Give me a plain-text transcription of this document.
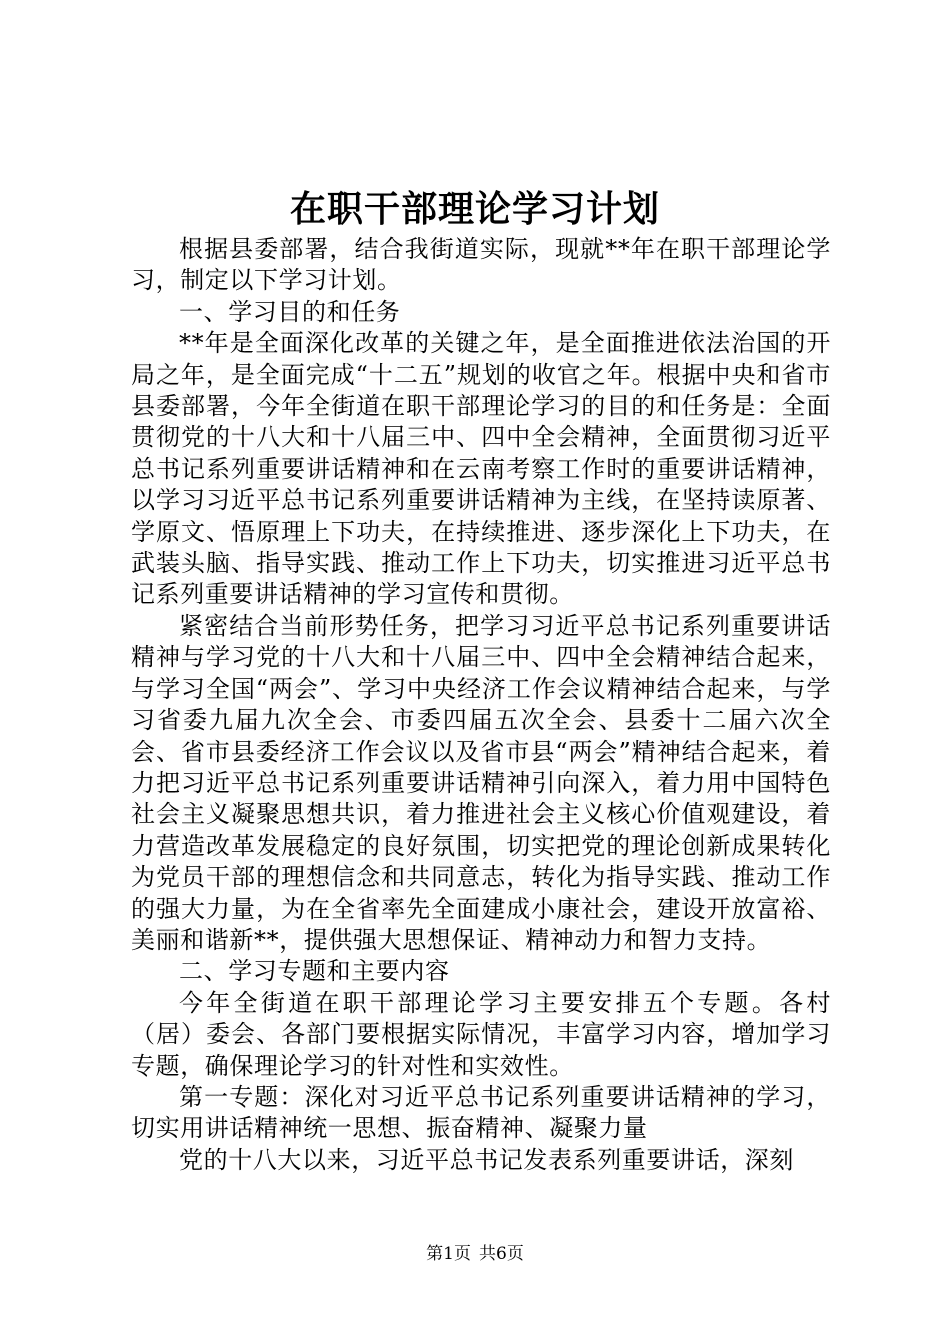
在职干部理论学习计划

根据县委部署，结合我街道实际，现就**年在职干部理论学习，制定以下学习计划。

一、学习目的和任务

**年是全面深化改革的关键之年，是全面推进依法治国的开局之年，是全面完成“十二五”规划的收官之年。根据中央和省市县委部署，今年全街道在职干部理论学习的目的和任务是：全面贯彻党的十八大和十八届三中、四中全会精神，全面贯彻习近平总书记系列重要讲话精神和在云南考察工作时的重要讲话精神，以学习习近平总书记系列重要讲话精神为主线，在坚持读原著、学原文、悟原理上下功夫，在持续推进、逐步深化上下功夫，在武装头脑、指导实践、推动工作上下功夫，切实推进习近平总书记系列重要讲话精神的学习宣传和贯彻。

紧密结合当前形势任务，把学习习近平总书记系列重要讲话精神与学习党的十八大和十八届三中、四中全会精神结合起来，与学习全国“两会”、学习中央经济工作会议精神结合起来，与学习省委九届九次全会、市委四届五次全会、县委十二届六次全会、省市县委经济工作会议以及省市县“两会”精神结合起来，着力把习近平总书记系列重要讲话精神引向深入，着力用中国特色社会主义凝聚思想共识，着力推进社会主义核心价值观建设，着力营造改革发展稳定的良好氛围，切实把党的理论创新成果转化为党员干部的理想信念和共同意志，转化为指导实践、推动工作的强大力量，为在全省率先全面建成小康社会，建设开放富裕、美丽和谐新**，提供强大思想保证、精神动力和智力支持。

二、学习专题和主要内容

今年全街道在职干部理论学习主要安排五个专题。各村（居）委会、各部门要根据实际情况，丰富学习内容，增加学习专题，确保理论学习的针对性和实效性。

第一专题：深化对习近平总书记系列重要讲话精神的学习，切实用讲话精神统一思想、振奋精神、凝聚力量

党的十八大以来，习近平总书记发表系列重要讲话，深刻

第1页 共6页
